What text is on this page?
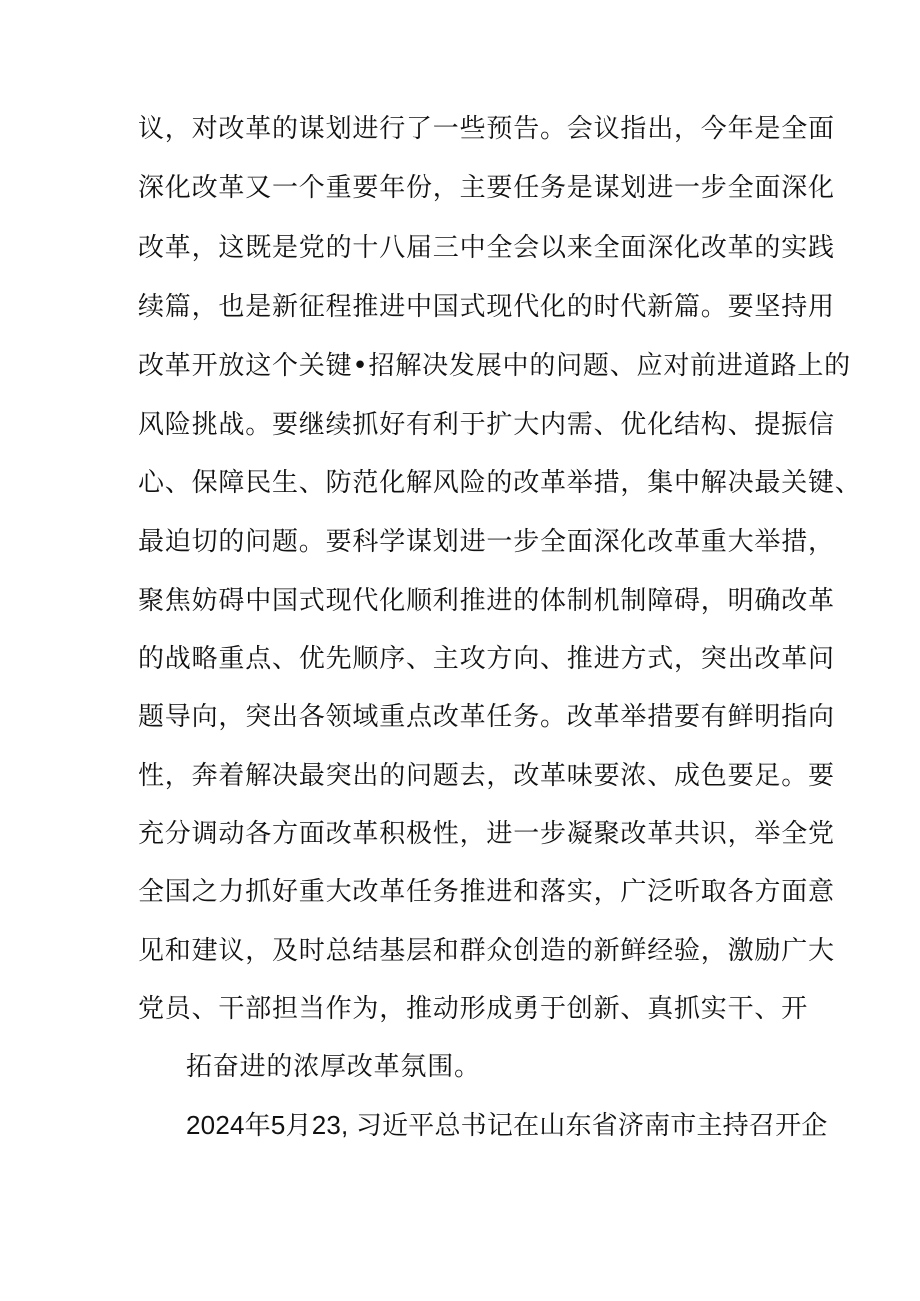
议，对改革的谋划进行了一些预告。会议指出，今年是全面
深化改革又一个重要年份，主要任务是谋划进一步全面深化
改革，这既是党的十八届三中全会以来全面深化改革的实践
续篇，也是新征程推进中国式现代化的时代新篇。要坚持用
改革开放这个关键•招解决发展中的问题、应对前进道路上的
风险挑战。要继续抓好有利于扩大内需、优化结构、提振信
心、保障民生、防范化解风险的改革举措，集中解决最关键、
最迫切的问题。要科学谋划进一步全面深化改革重大举措，
聚焦妨碍中国式现代化顺利推进的体制机制障碍，明确改革
的战略重点、优先顺序、主攻方向、推进方式，突出改革问
题导向，突出各领域重点改革任务。改革举措要有鲜明指向
性，奔着解决最突出的问题去，改革味要浓、成色要足。要
充分调动各方面改革积极性，进一步凝聚改革共识，举全党
全国之力抓好重大改革任务推进和落实，广泛听取各方面意
见和建议，及时总结基层和群众创造的新鲜经验，激励广大
党员、干部担当作为，推动形成勇于创新、真抓实干、开
拓奋进的浓厚改革氛围。
2024年5月23, 习近平总书记在山东省济南市主持召开企
